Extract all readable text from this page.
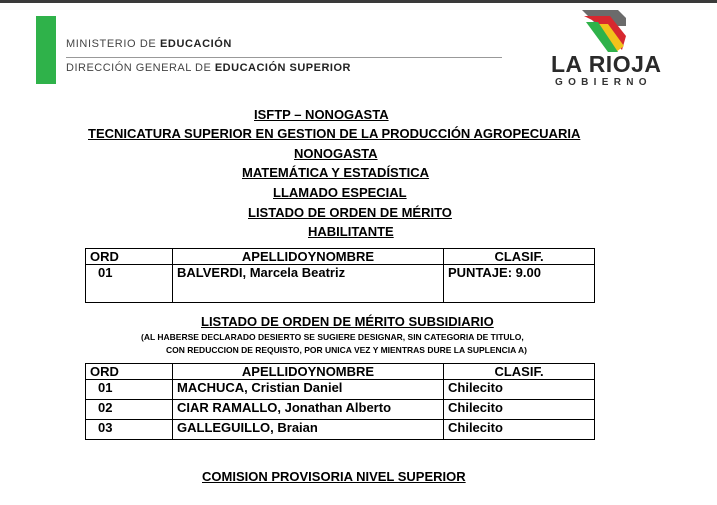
MINISTERIO DE EDUCACIÓN
DIRECCIÓN GENERAL DE EDUCACIÓN SUPERIOR	LA RIOJA
GOBIERNO
ISFTP – NONOGASTA
TECNICATURA SUPERIOR EN GESTION DE LA PRODUCCIÓN AGROPECUARIA
NONOGASTA
MATEMÁTICA Y ESTADÍSTICA
LLAMADO ESPECIAL
LISTADO DE ORDEN DE MÉRITO
HABILITANTE
ORD	APELLIDOYNOMBRE	CLASIF.
01	BALVERDI, Marcela Beatriz	PUNTAJE: 9.00
LISTADO DE ORDEN DE MÉRITO SUBSIDIARIO
(AL HABERSE DECLARADO DESIERTO SE SUGIERE DESIGNAR, SIN CATEGORIA DE TITULO,
CON REDUCCION DE REQUISTO, POR UNICA VEZ Y MIENTRAS DURE LA SUPLENCIA A)
ORD	APELLIDOYNOMBRE	CLASIF.
01	MACHUCA, Cristian Daniel	Chilecito
02	CIAR RAMALLO, Jonathan Alberto	Chilecito
03	GALLEGUILLO, Braian	Chilecito
COMISION PROVISORIA NIVEL SUPERIOR
